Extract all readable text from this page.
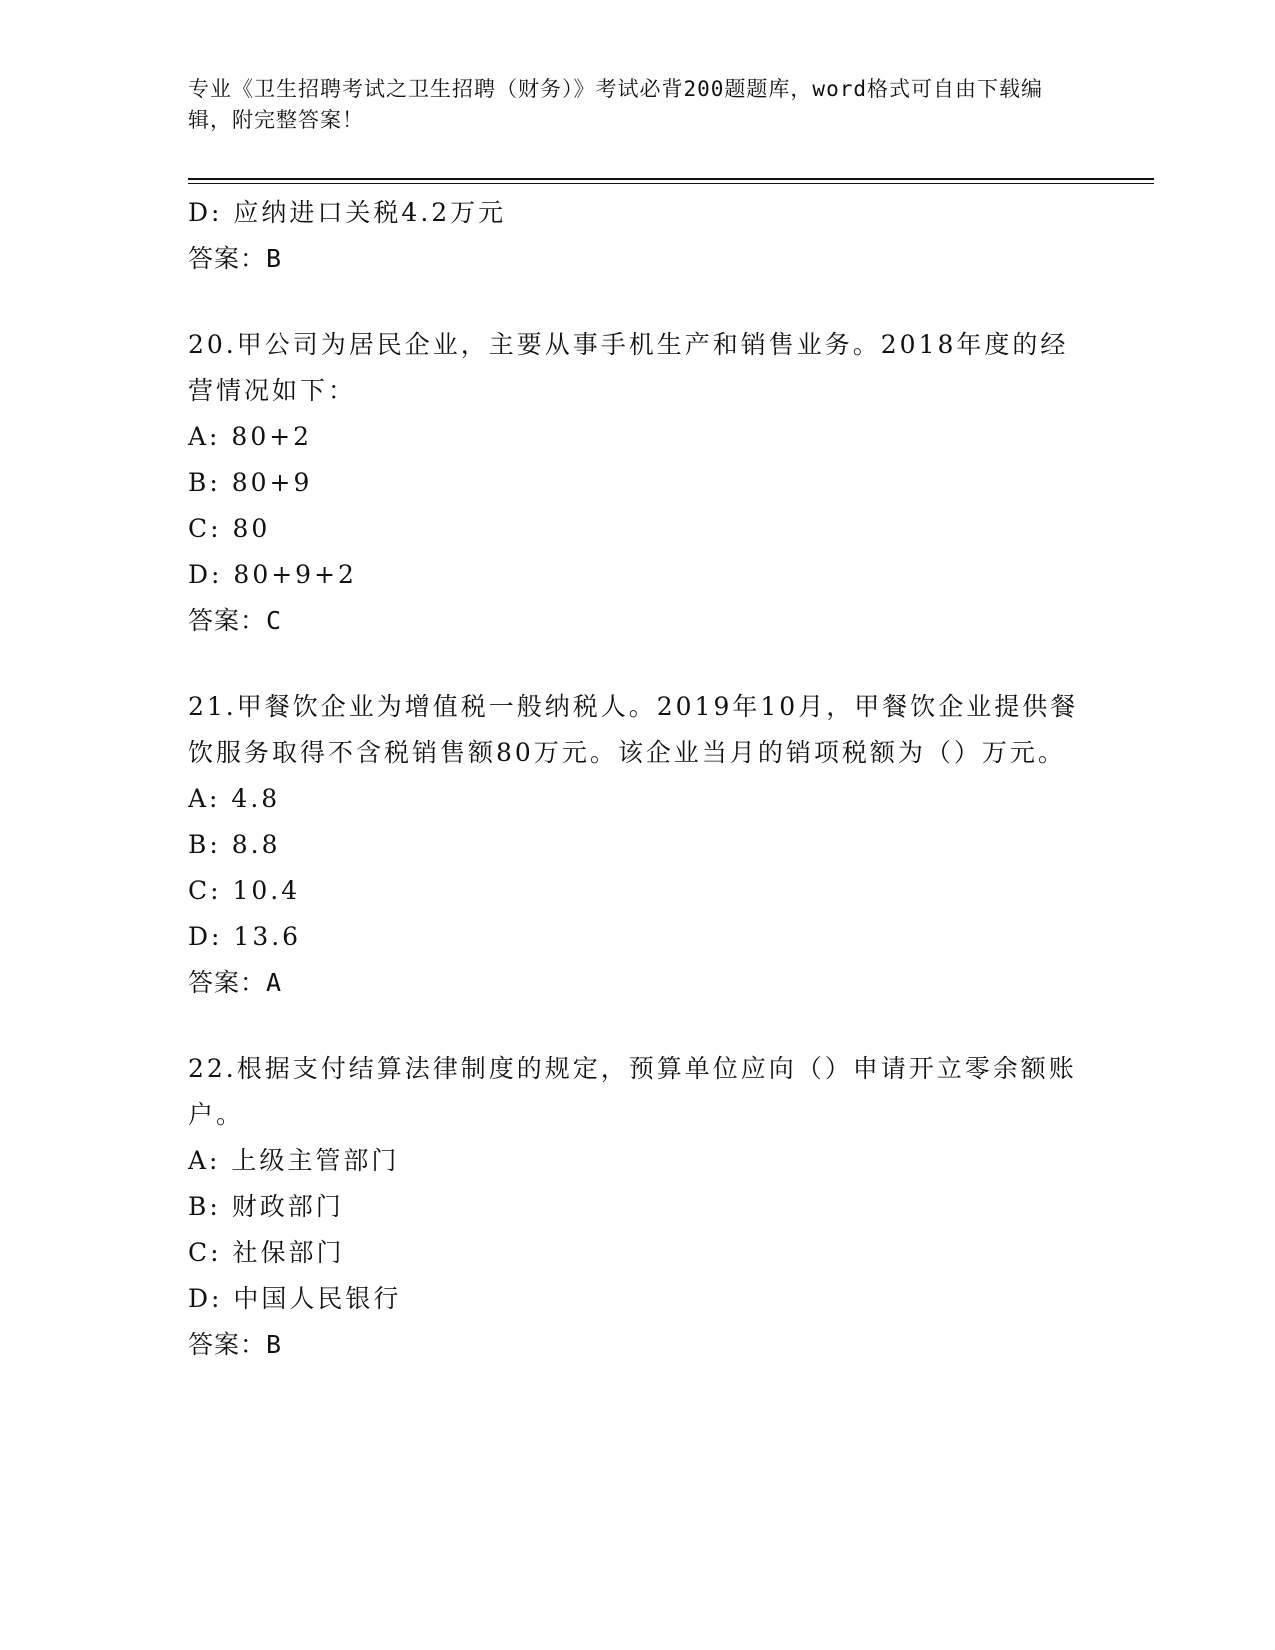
专业《卫生招聘考试之卫生招聘（财务）》考试必背200题题库，word格式可自由下载编辑，附完整答案！
D: 应纳进口关税4.2万元
答案：B
20.甲公司为居民企业，主要从事手机生产和销售业务。2018年度的经营情况如下：
A: 80+2
B: 80+9
C: 80
D: 80+9+2
答案：C
21.甲餐饮企业为增值税一般纳税人。2019年10月，甲餐饮企业提供餐饮服务取得不含税销售额80万元。该企业当月的销项税额为（）万元。
A: 4.8
B: 8.8
C: 10.4
D: 13.6
答案：A
22.根据支付结算法律制度的规定，预算单位应向（）申请开立零余额账户。
A: 上级主管部门
B: 财政部门
C: 社保部门
D: 中国人民银行
答案：B
